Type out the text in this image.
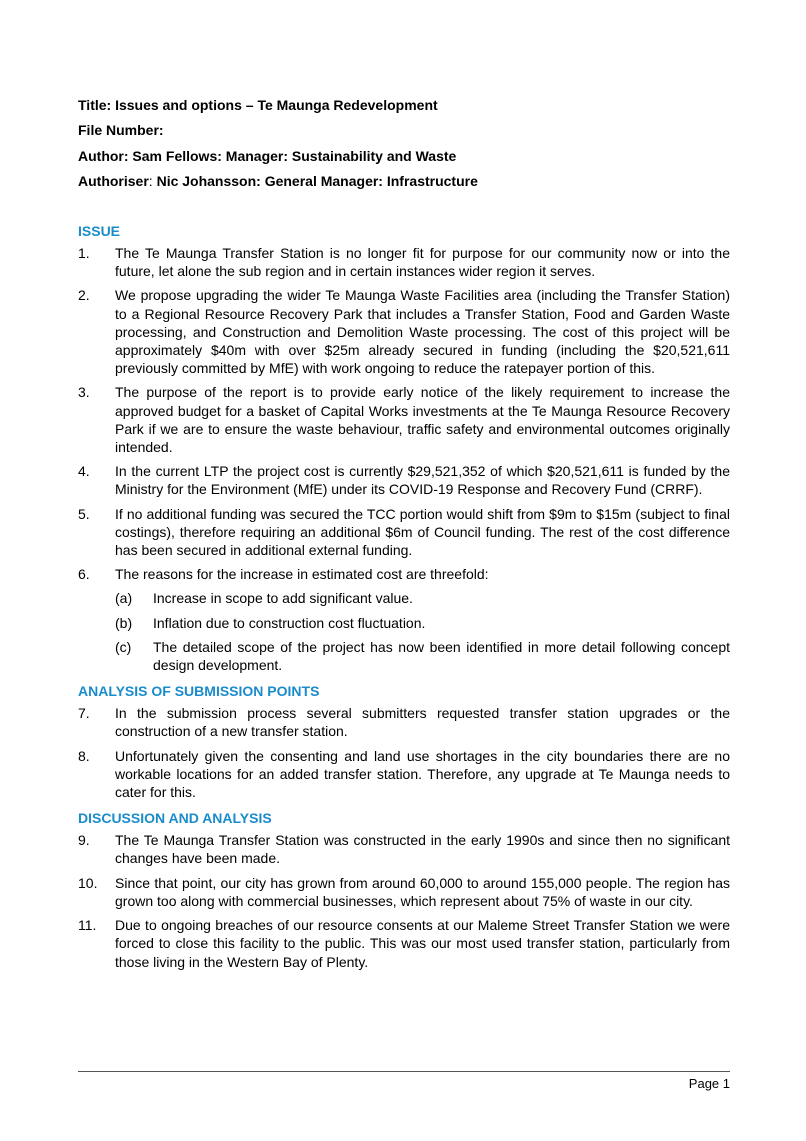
Title: Issues and options – Te Maunga Redevelopment
File Number:
Author: Sam Fellows: Manager: Sustainability and Waste
Authoriser: Nic Johansson: General Manager: Infrastructure
ISSUE
1. The Te Maunga Transfer Station is no longer fit for purpose for our community now or into the future, let alone the sub region and in certain instances wider region it serves.
2. We propose upgrading the wider Te Maunga Waste Facilities area (including the Transfer Station) to a Regional Resource Recovery Park that includes a Transfer Station, Food and Garden Waste processing, and Construction and Demolition Waste processing. The cost of this project will be approximately $40m with over $25m already secured in funding (including the $20,521,611 previously committed by MfE) with work ongoing to reduce the ratepayer portion of this.
3. The purpose of the report is to provide early notice of the likely requirement to increase the approved budget for a basket of Capital Works investments at the Te Maunga Resource Recovery Park if we are to ensure the waste behaviour, traffic safety and environmental outcomes originally intended.
4. In the current LTP the project cost is currently $29,521,352 of which $20,521,611 is funded by the Ministry for the Environment (MfE) under its COVID-19 Response and Recovery Fund (CRRF).
5. If no additional funding was secured the TCC portion would shift from $9m to $15m (subject to final costings), therefore requiring an additional $6m of Council funding. The rest of the cost difference has been secured in additional external funding.
6. The reasons for the increase in estimated cost are threefold:
(a) Increase in scope to add significant value.
(b) Inflation due to construction cost fluctuation.
(c) The detailed scope of the project has now been identified in more detail following concept design development.
ANALYSIS OF SUBMISSION POINTS
7. In the submission process several submitters requested transfer station upgrades or the construction of a new transfer station.
8. Unfortunately given the consenting and land use shortages in the city boundaries there are no workable locations for an added transfer station. Therefore, any upgrade at Te Maunga needs to cater for this.
DISCUSSION AND ANALYSIS
9. The Te Maunga Transfer Station was constructed in the early 1990s and since then no significant changes have been made.
10. Since that point, our city has grown from around 60,000 to around 155,000 people. The region has grown too along with commercial businesses, which represent about 75% of waste in our city.
11. Due to ongoing breaches of our resource consents at our Maleme Street Transfer Station we were forced to close this facility to the public. This was our most used transfer station, particularly from those living in the Western Bay of Plenty.
Page 1
